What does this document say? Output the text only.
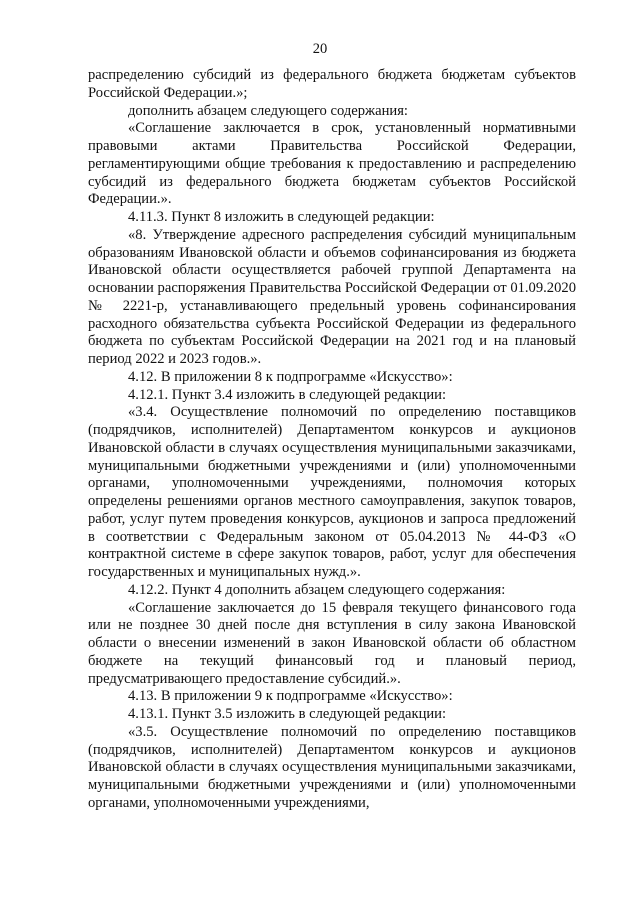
20

распределению субсидий из федерального бюджета бюджетам субъектов Российской Федерации.»;

дополнить абзацем следующего содержания:

«Соглашение заключается в срок, установленный нормативными правовыми актами Правительства Российской Федерации, регламентирующими общие требования к предоставлению и распределению субсидий из федерального бюджета бюджетам субъектов Российской Федерации.».

4.11.3. Пункт 8 изложить в следующей редакции:

«8. Утверждение адресного распределения субсидий муниципальным образованиям Ивановской области и объемов софинансирования из бюджета Ивановской области осуществляется рабочей группой Департамента на основании распоряжения Правительства Российской Федерации от 01.09.2020 № 2221-р, устанавливающего предельный уровень софинансирования расходного обязательства субъекта Российской Федерации из федерального бюджета по субъектам Российской Федерации на 2021 год и на плановый период 2022 и 2023 годов.».

4.12. В приложении 8 к подпрограмме «Искусство»:

4.12.1. Пункт 3.4 изложить в следующей редакции:

«3.4. Осуществление полномочий по определению поставщиков (подрядчиков, исполнителей) Департаментом конкурсов и аукционов Ивановской области в случаях осуществления муниципальными заказчиками, муниципальными бюджетными учреждениями и (или) уполномоченными органами, уполномоченными учреждениями, полномочия которых определены решениями органов местного самоуправления, закупок товаров, работ, услуг путем проведения конкурсов, аукционов и запроса предложений в соответствии с Федеральным законом от 05.04.2013 № 44-ФЗ «О контрактной системе в сфере закупок товаров, работ, услуг для обеспечения государственных и муниципальных нужд.».

4.12.2. Пункт 4 дополнить абзацем следующего содержания:

«Соглашение заключается до 15 февраля текущего финансового года или не позднее 30 дней после дня вступления в силу закона Ивановской области о внесении изменений в закон Ивановской области об областном бюджете на текущий финансовый год и плановый период, предусматривающего предоставление субсидий.».

4.13. В приложении 9 к подпрограмме «Искусство»:

4.13.1. Пункт 3.5 изложить в следующей редакции:

«3.5. Осуществление полномочий по определению поставщиков (подрядчиков, исполнителей) Департаментом конкурсов и аукционов Ивановской области в случаях осуществления муниципальными заказчиками, муниципальными бюджетными учреждениями и (или) уполномоченными органами, уполномоченными учреждениями,
